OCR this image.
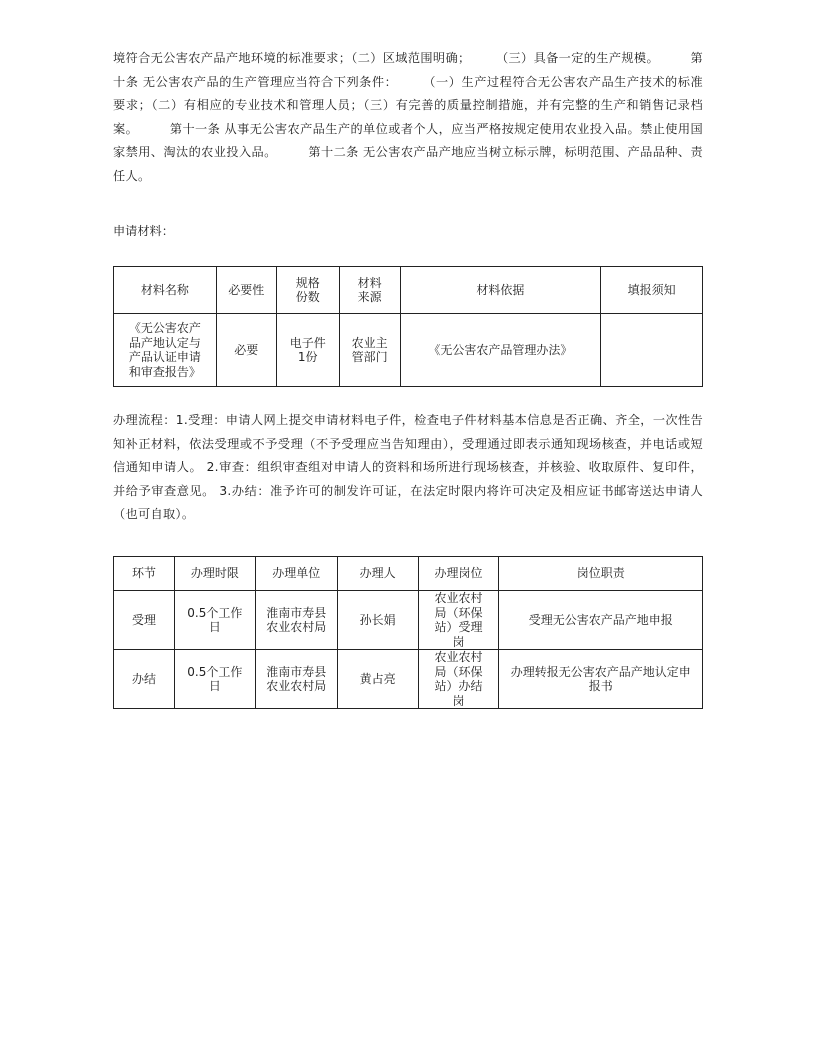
境符合无公害农产品产地环境的标准要求；（二）区域范围明确；　　　（三）具备一定的生产规模。　　　第十条 无公害农产品的生产管理应当符合下列条件：　　　（一）生产过程符合无公害农产品生产技术的标准要求；（二）有相应的专业技术和管理人员；（三）有完善的质量控制措施，并有完整的生产和销售记录档案。　　　第十一条 从事无公害农产品生产的单位或者个人，应当严格按规定使用农业投入品。禁止使用国家禁用、淘汰的农业投入品。　　　第十二条 无公害农产品产地应当树立标示牌，标明范围、产品品种、责任人。

申请材料：
材料名称	必要性	规格份数	材料来源	材料依据	填报须知
《无公害农产品产地认定与产品认证申请和审查报告》	必要	电子件1份	农业主管部门	《无公害农产品管理办法》	

办理流程：1.受理：申请人网上提交申请材料电子件，检查电子件材料基本信息是否正确、齐全，一次性告知补正材料，依法受理或不予受理（不予受理应当告知理由），受理通过即表示通知现场核查，并电话或短信通知申请人。 2.审查：组织审查组对申请人的资料和场所进行现场核查，并核验、收取原件、复印件，并给予审查意见。 3.办结：准予许可的制发许可证，在法定时限内将许可决定及相应证书邮寄送达申请人（也可自取）。

环节	办理时限	办理单位	办理人	办理岗位	岗位职责
受理	0.5个工作日	淮南市寿县农业农村局	孙长娟	农业农村局（环保站）受理岗	受理无公害农产品产地申报
办结	0.5个工作日	淮南市寿县农业农村局	黄占亮	农业农村局（环保站）办结岗	办理转报无公害农产品产地认定申报书
